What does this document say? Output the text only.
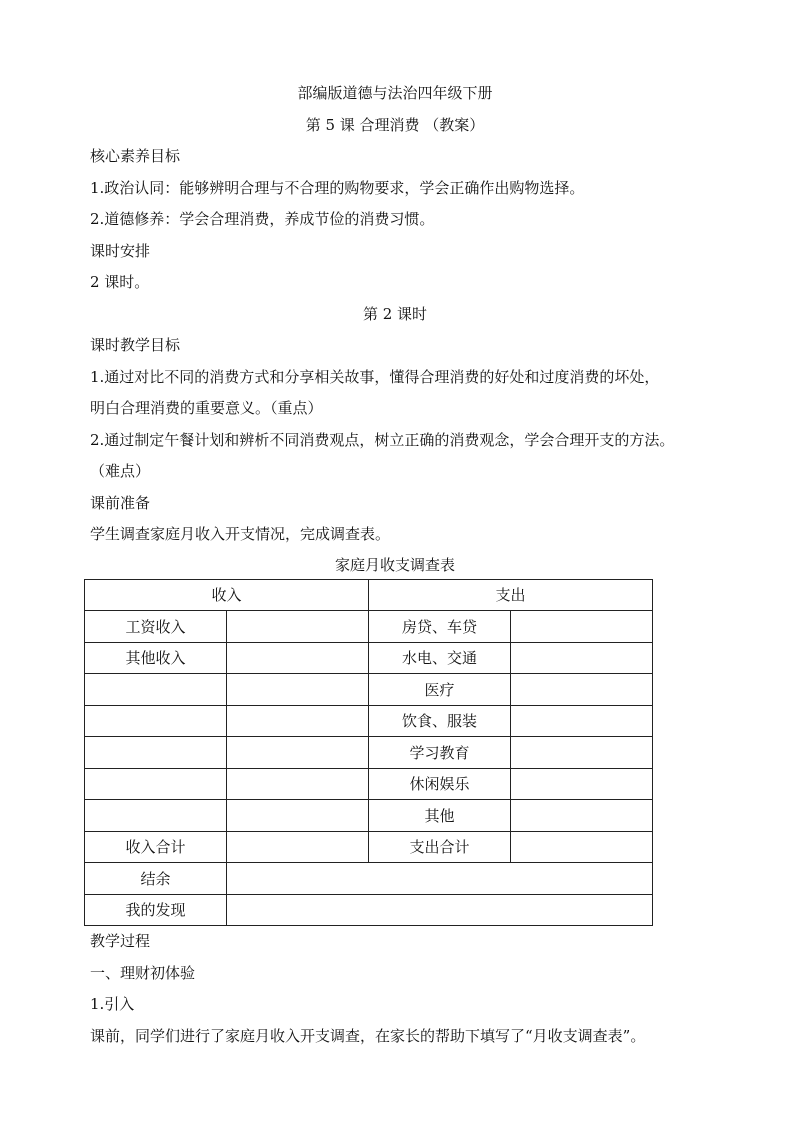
部编版道德与法治四年级下册
第 5 课 合理消费 （教案）
核心素养目标
1.政治认同：能够辨明合理与不合理的购物要求，学会正确作出购物选择。
2.道德修养：学会合理消费，养成节俭的消费习惯。
课时安排
2 课时。
第 2 课时
课时教学目标
1.通过对比不同的消费方式和分享相关故事，懂得合理消费的好处和过度消费的坏处，
明白合理消费的重要意义。（重点）
2.通过制定午餐计划和辨析不同消费观点，树立正确的消费观念，学会合理开支的方法。
（难点）
课前准备
学生调查家庭月收入开支情况，完成调查表。
家庭月收支调查表
收入		支出	
工资收入		房贷、车贷	
其他收入		水电、交通	
		医疗	
		饮食、服装	
		学习教育	
		休闲娱乐	
		其他	
收入合计		支出合计	
结余			
我的发现			
教学过程
一、理财初体验
1.引入
课前，同学们进行了家庭月收入开支调查，在家长的帮助下填写了“月收支调查表”。
